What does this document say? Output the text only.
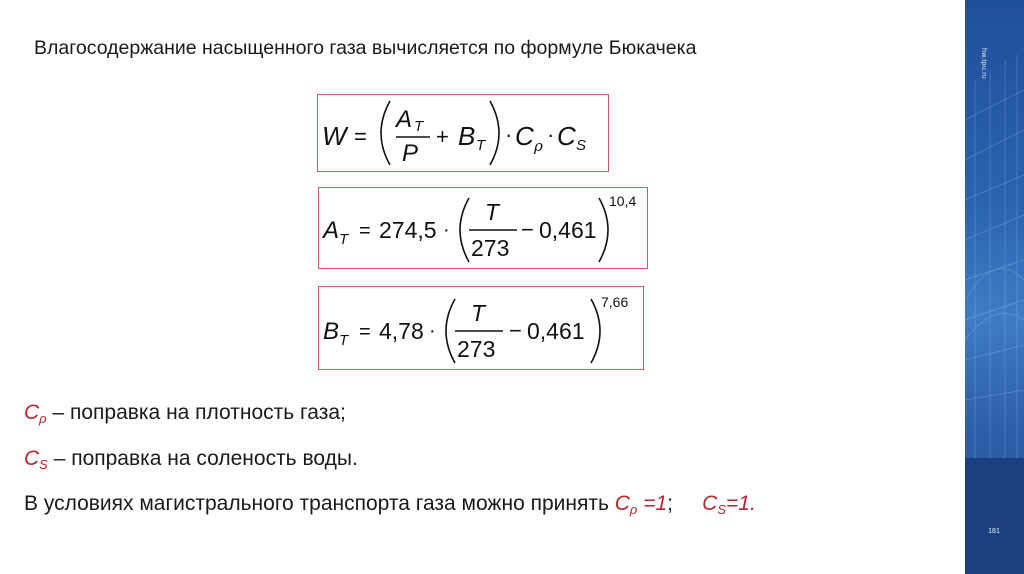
Влагосодержание насыщенного газа вычисляется по формуле Бюкачека
W =
A T
P
+ B T · C ρ · C S
A T = 274,5 ·
T
273
− 0,461
10,4
B T = 4,78 ·
T
273
− 0,461
7,66
$C_\rho$ – поправка на плотность газа;
$C_S$ – поправка на соленость воды.
В условиях магистрального транспорта газа можно принять $C_\rho =1$;     $C_S=1$.
hw.tpu.ru
181
